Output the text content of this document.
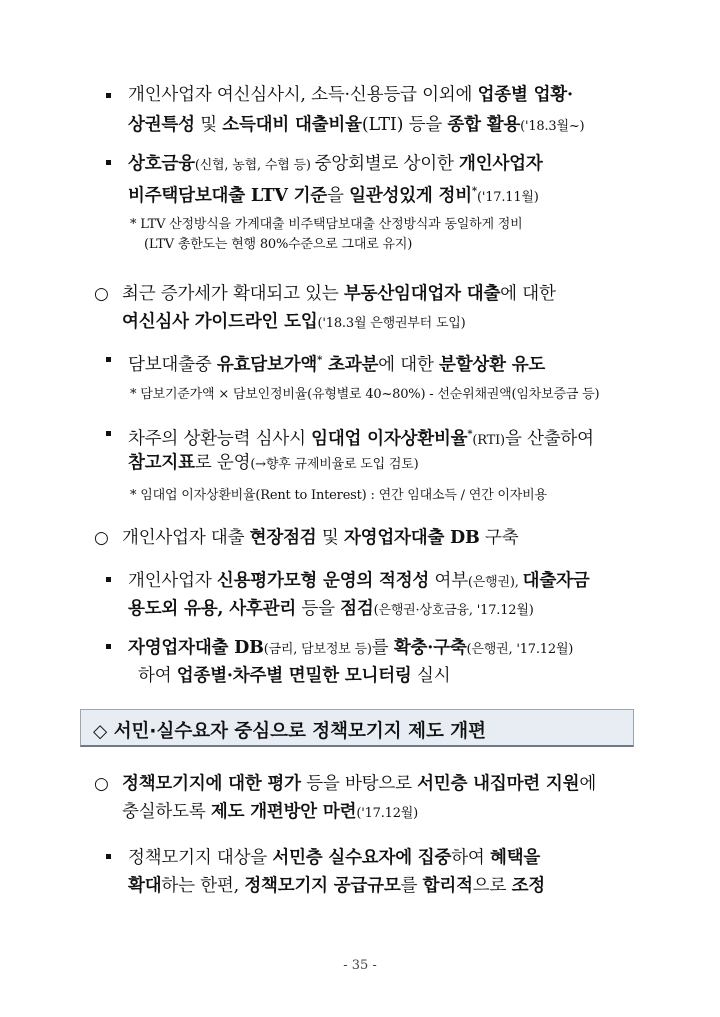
◇ 서민·실수요자 중심으로 정책모기지 제도 개편
- 35 -
○
○
○
개인사업자 여신심사시, 소득·신용등급 이외에 업종별 업황·
상권특성 및 소득대비 대출비율(LTI) 등을 종합 활용('18.3월~)
상호금융(신협, 농협, 수협 등) 중앙회별로 상이한 개인사업자
비주택담보대출 LTV 기준을 일관성있게 정비*('17.11월)
* LTV 산정방식을 가계대출 비주택담보대출 산정방식과 동일하게 정비
(LTV 총한도는 현행 80%수준으로 그대로 유지)
최근 증가세가 확대되고 있는 부동산임대업자 대출에 대한
여신심사 가이드라인 도입('18.3월 은행권부터 도입)
담보대출중 유효담보가액* 초과분에 대한 분할상환 유도
* 담보기준가액 × 담보인정비율(유형별로 40~80%) - 선순위채권액(임차보증금 등)
차주의 상환능력 심사시 임대업 이자상환비율*(RTI)을 산출하여
참고지표로 운영(→향후 규제비율로 도입 검토)
* 임대업 이자상환비율(Rent to Interest) : 연간 임대소득 / 연간 이자비용
개인사업자 대출 현장점검 및 자영업자대출 DB 구축
개인사업자 신용평가모형 운영의 적정성 여부(은행권), 대출자금
용도외 유용, 사후관리 등을 점검(은행권·상호금융, '17.12월)
자영업자대출 DB(금리, 담보정보 등)를 확충·구축(은행권, '17.12월)
하여 업종별·차주별 면밀한 모니터링 실시
정책모기지에 대한 평가 등을 바탕으로 서민층 내집마련 지원에
충실하도록 제도 개편방안 마련('17.12월)
정책모기지 대상을 서민층 실수요자에 집중하여 혜택을
확대하는 한편, 정책모기지 공급규모를 합리적으로 조정
